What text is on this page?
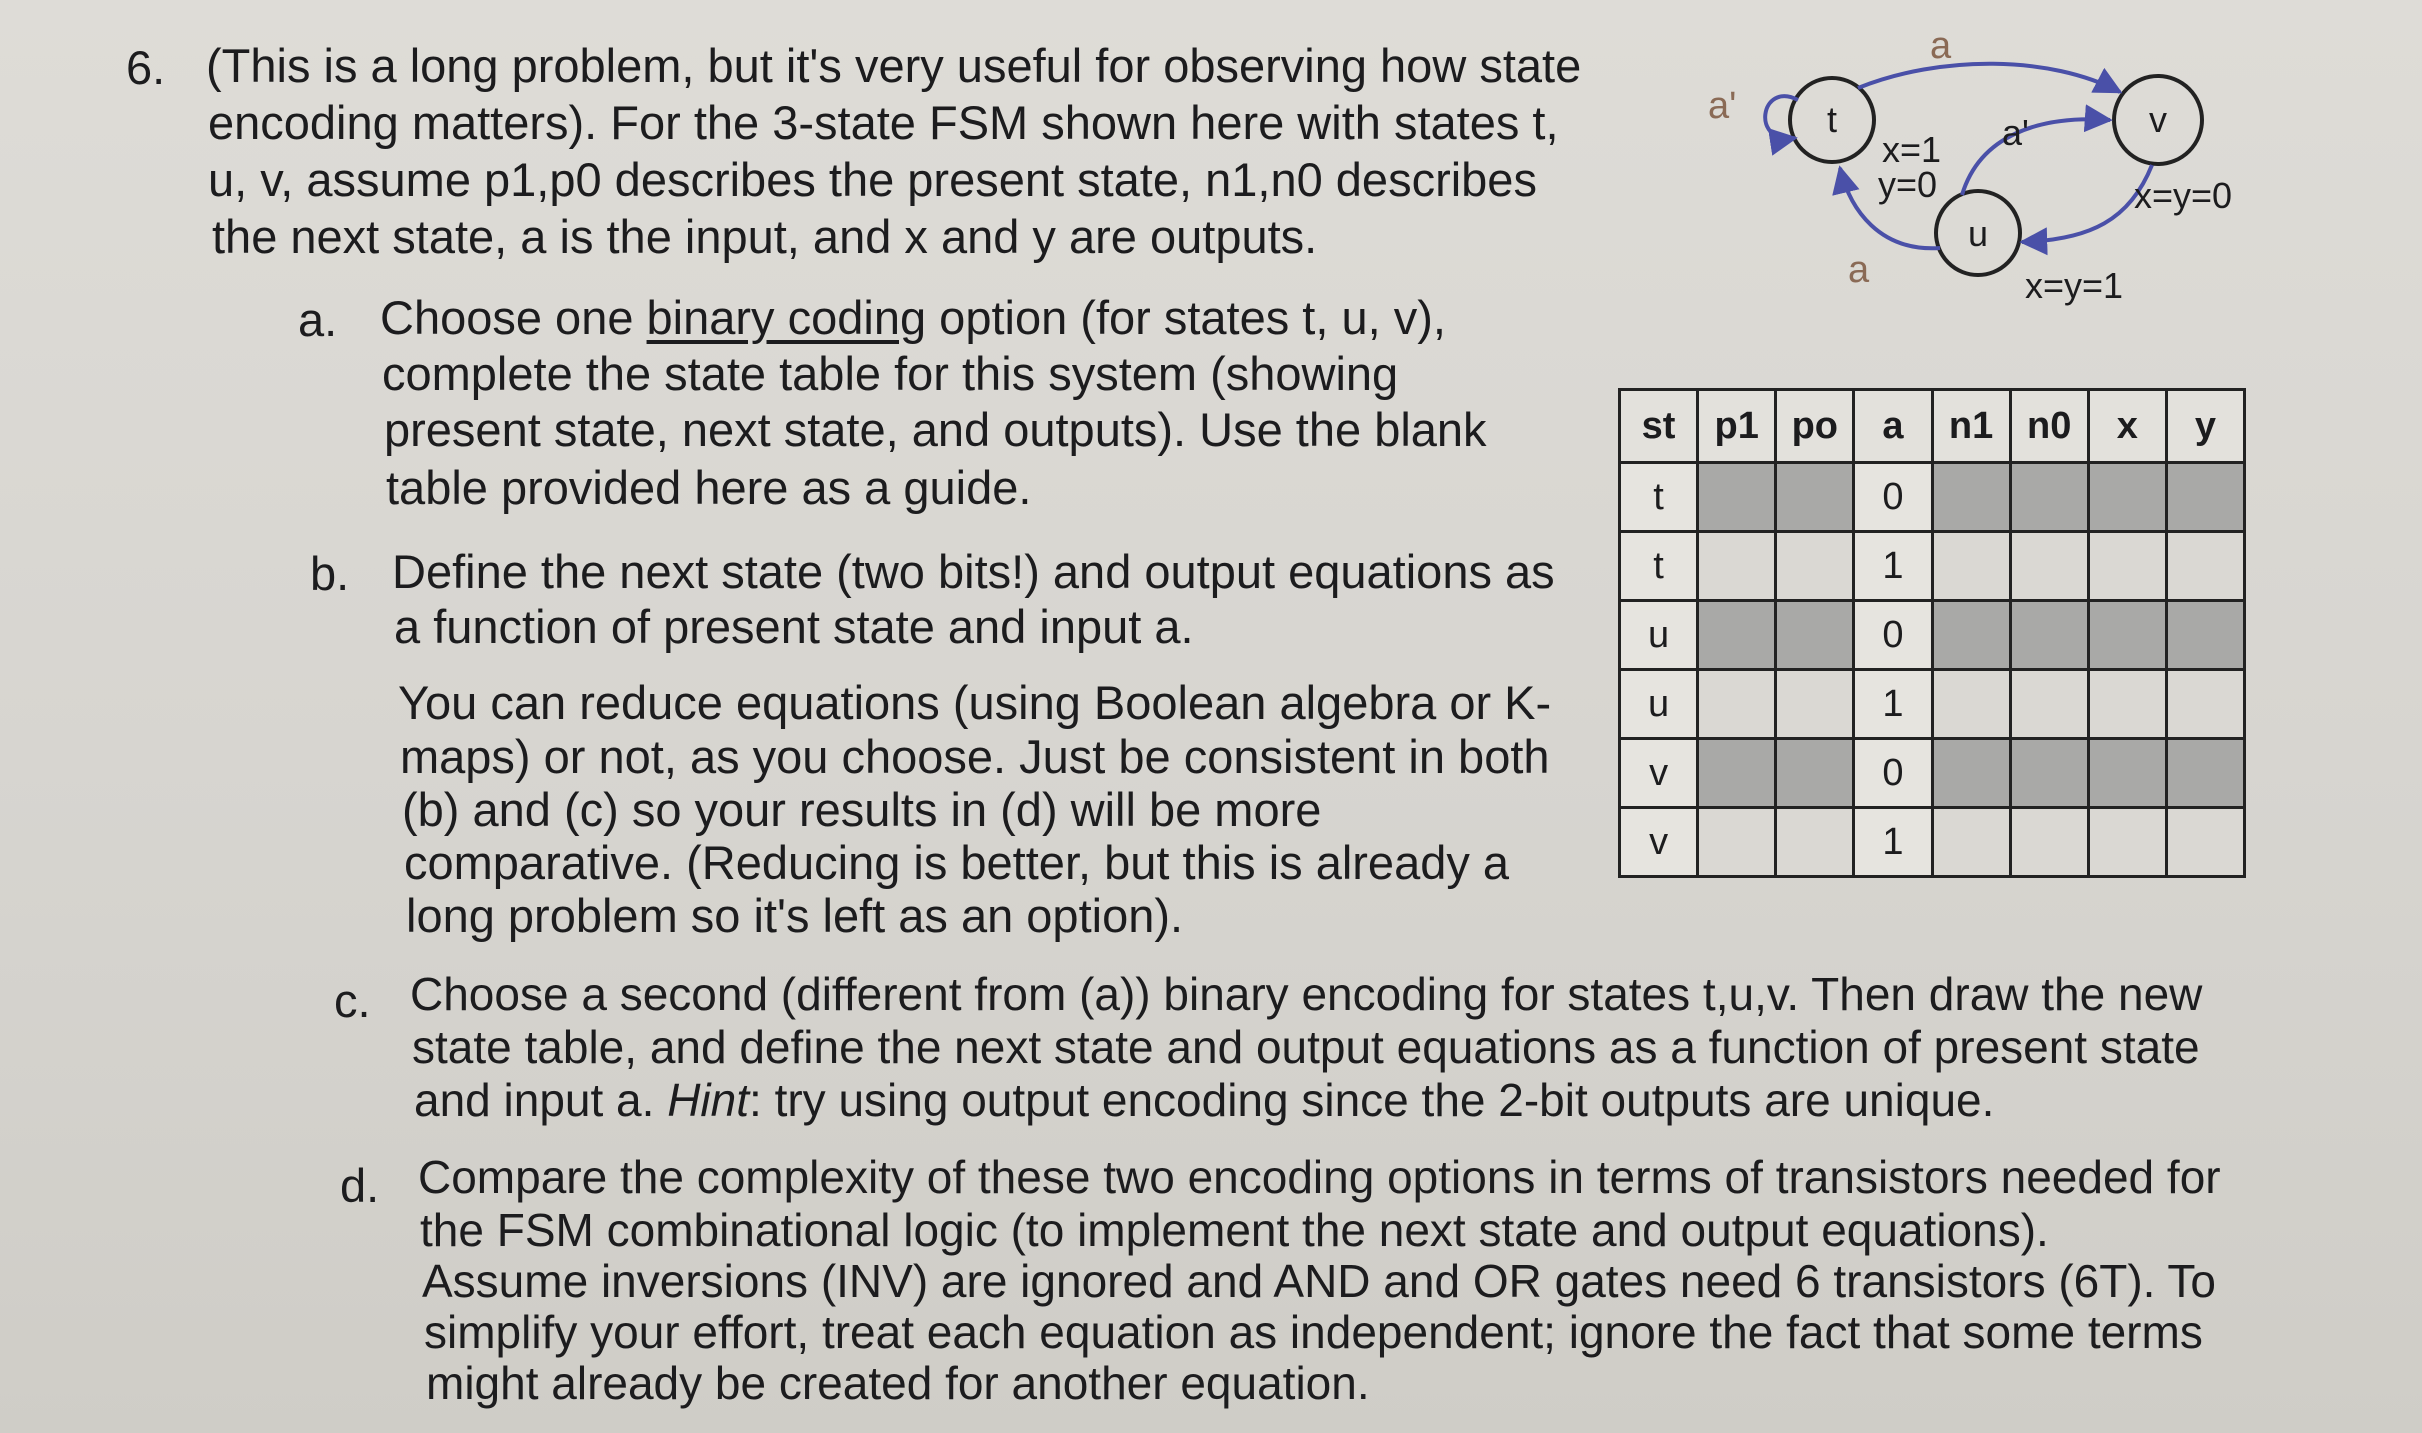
6. (This is a long problem, but it's very useful for observing how state

encoding matters). For the 3-state FSM shown here with states t,

u, v, assume p1,p0 describes the present state, n1,n0 describes

the next state, a is the input, and x and y are outputs.

a. Choose one binary coding option (for states t, u, v),

complete the state table for this system (showing

present state, next state, and outputs). Use the blank

table provided here as a guide.

b. Define the next state (two bits!) and output equations as

a function of present state and input a.

You can reduce equations (using Boolean algebra or K-

maps) or not, as you choose. Just be consistent in both

(b) and (c) so your results in (d) will be more

comparative. (Reducing is better, but this is already a

long problem so it's left as an option).

c. Choose a second (different from (a)) binary encoding for states t,u,v. Then draw the new

state table, and define the next state and output equations as a function of present state

and input a. Hint: try using output encoding since the 2-bit outputs are unique.

d. Compare the complexity of these two encoding options in terms of transistors needed for

the FSM combinational logic (to implement the next state and output equations).

Assume inversions (INV) are ignored and AND and OR gates need 6 transistors (6T). To

simplify your effort, treat each equation as independent; ignore the fact that some terms

might already be created for another equation.

t
u
v
a'
a
a
a'
x=1
y=0	x=y=0
x=y=1
st	p1	po	a	n1	n0	x	y
t			0				
t			1				
u			0				
u			1				
v			0				
v			1				
